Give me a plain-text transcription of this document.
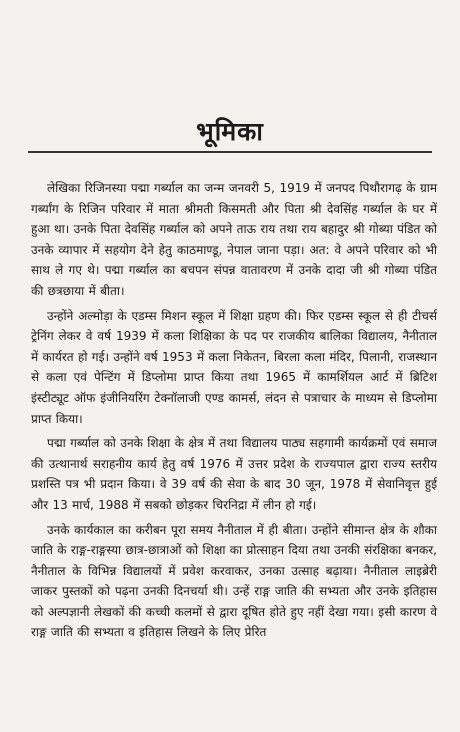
भूमिका

लेखिका रिजिनस्या पद्मा गर्ब्याल का जन्म जनवरी 5, 1919 में जनपद पिथौरागढ़ के ग्राम गर्ब्यांग के रिजिन परिवार में माता श्रीमती किसमती और पिता श्री देवसिंह गर्ब्याल के घर में हुआ था। उनके पिता देवसिंह गर्ब्याल को अपने ताऊ राय तथा राय बहादुर श्री गोब्या पंडित को उनके व्यापार में सहयोग देने हेतु काठमाण्डू, नेपाल जाना पड़ा। अत: वे अपने परिवार को भी साथ ले गए थे। पद्मा गर्ब्याल का बचपन संपन्न वातावरण में उनके दादा जी श्री गोब्या पंडित की छत्रछाया में बीता।

उन्होंने अल्मोड़ा के एडम्स मिशन स्कूल में शिक्षा ग्रहण की। फिर एडम्स स्कूल से ही टीचर्स ट्रेनिंग लेकर वे वर्ष 1939 में कला शिक्षिका के पद पर राजकीय बालिका विद्यालय, नैनीताल में कार्यरत हो गई। उन्होंने वर्ष 1953 में कला निकेतन, बिरला कला मंदिर, पिलानी, राजस्थान से कला एवं पेन्टिंग में डिप्लोमा प्राप्त किया तथा 1965 में कामर्शियल आर्ट में ब्रिटिश इंस्टीट्यूट ऑफ इंजीनियरिंग टेक्नॉलाजी एण्ड कामर्स, लंदन से पत्राचार के माध्यम से डिप्लोमा प्राप्त किया।

पद्मा गर्ब्याल को उनके शिक्षा के क्षेत्र में तथा विद्यालय पाठ्य सहगामी कार्यक्रमों एवं समाज की उत्थानार्थ सराहनीय कार्य हेतु वर्ष 1976 में उत्तर प्रदेश के राज्यपाल द्वारा राज्य स्तरीय प्रशस्ति पत्र भी प्रदान किया। वे 39 वर्ष की सेवा के बाद 30 जून, 1978 में सेवानिवृत्त हुई और 13 मार्च, 1988 में सबको छोड़कर चिरनिद्रा में लीन हो गई।

उनके कार्यकाल का करीबन पूरा समय नैनीताल में ही बीता। उन्होंने सीमान्त क्षेत्र के शौका जाति के राङ्ग-राङ्गस्या छात्र-छात्राओं को शिक्षा का प्रोत्साहन दिया तथा उनकी संरक्षिका बनकर, नैनीताल के विभिन्न विद्यालयों में प्रवेश करवाकर, उनका उत्साह बढ़ाया। नैनीताल लाइब्रेरी जाकर पुस्तकों को पढ़ना उनकी दिनचर्या थी। उन्हें राङ्ग जाति की सभ्यता और उनके इतिहास को अल्पज्ञानी लेखकों की कच्ची कलमों से द्वारा दूषित होते हुए नहीं देखा गया। इसी कारण वे राङ्ग जाति की सभ्यता व इतिहास लिखने के लिए प्रेरित
